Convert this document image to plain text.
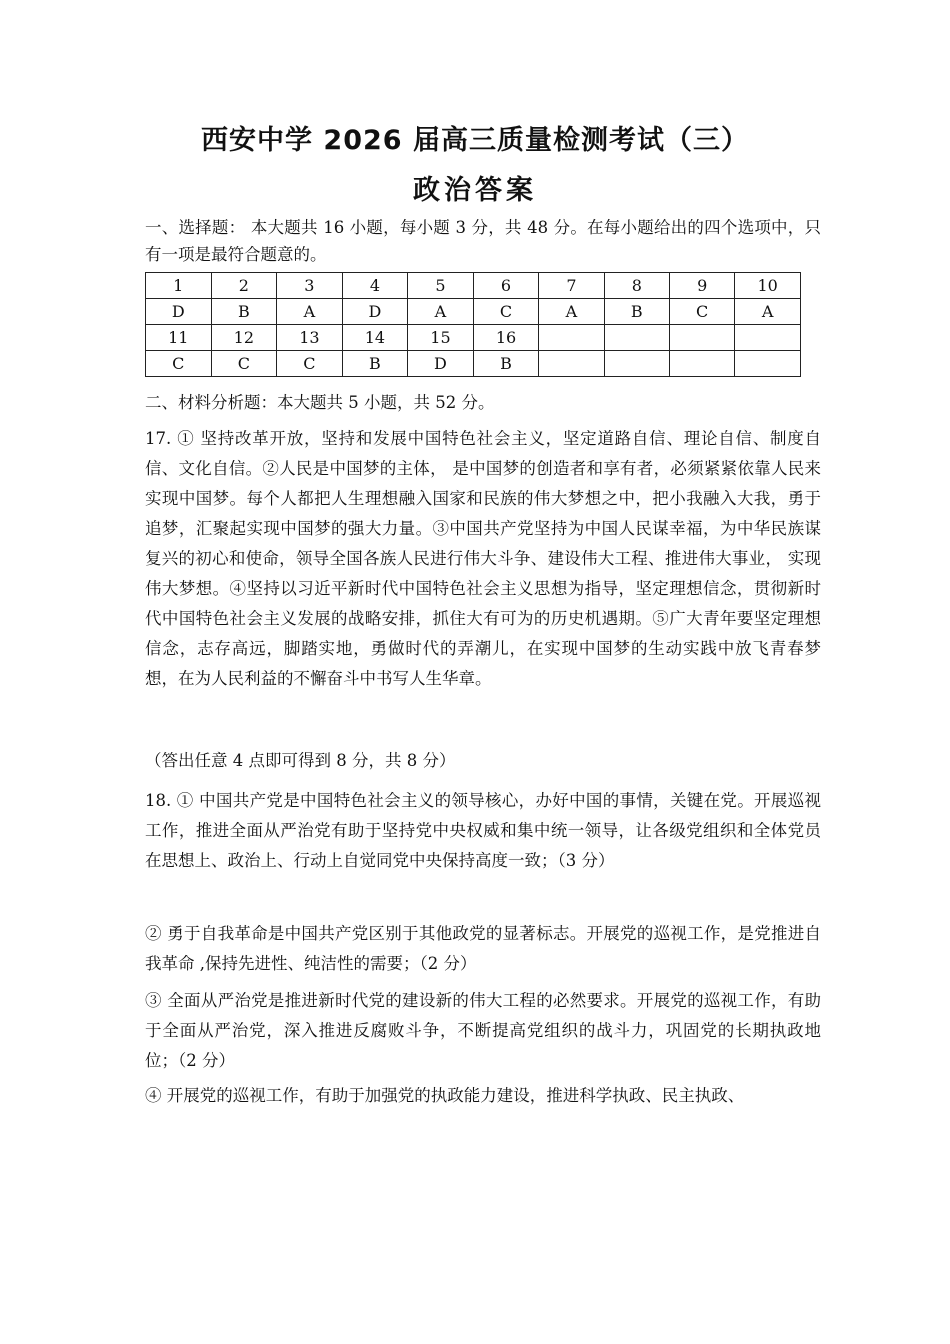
西安中学 2026 届高三质量检测考试（三）
政治答案
一、选择题： 本大题共 16 小题，每小题 3 分，共 48 分。在每小题给出的四个选项中，只有一项是最符合题意的。
1	2	3	4	5	6	7	8	9	10
D	B	A	D	A	C	A	B	C	A
11	12	13	14	15	16				
C	C	C	B	D	B				
二、材料分析题：本大题共 5 小题，共 52 分。
17. ① 坚持改革开放，坚持和发展中国特色社会主义，坚定道路自信、理论自信、制度自信、文化自信。②人民是中国梦的主体， 是中国梦的创造者和享有者，必须紧紧依靠人民来实现中国梦。每个人都把人生理想融入国家和民族的伟大梦想之中，把小我融入大我，勇于追梦，汇聚起实现中国梦的强大力量。③中国共产党坚持为中国人民谋幸福，为中华民族谋复兴的初心和使命，领导全国各族人民进行伟大斗争、建设伟大工程、推进伟大事业， 实现伟大梦想。④坚持以习近平新时代中国特色社会主义思想为指导，坚定理想信念，贯彻新时代中国特色社会主义发展的战略安排，抓住大有可为的历史机遇期。⑤广大青年要坚定理想信念，志存高远，脚踏实地，勇做时代的弄潮儿，在实现中国梦的生动实践中放飞青春梦想，在为人民利益的不懈奋斗中书写人生华章。
（答出任意 4 点即可得到 8 分，共 8 分）
18. ① 中国共产党是中国特色社会主义的领导核心，办好中国的事情，关键在党。开展巡视工作，推进全面从严治党有助于坚持党中央权威和集中统一领导，让各级党组织和全体党员在思想上、政治上、行动上自觉同党中央保持高度一致；（3 分）
② 勇于自我革命是中国共产党区别于其他政党的显著标志。开展党的巡视工作，是党推进自我革命 ,保持先进性、纯洁性的需要；（2 分）
③ 全面从严治党是推进新时代党的建设新的伟大工程的必然要求。开展党的巡视工作，有助于全面从严治党，深入推进反腐败斗争，不断提高党组织的战斗力，巩固党的长期执政地位；（2 分）
④ 开展党的巡视工作，有助于加强党的执政能力建设，推进科学执政、民主执政、
